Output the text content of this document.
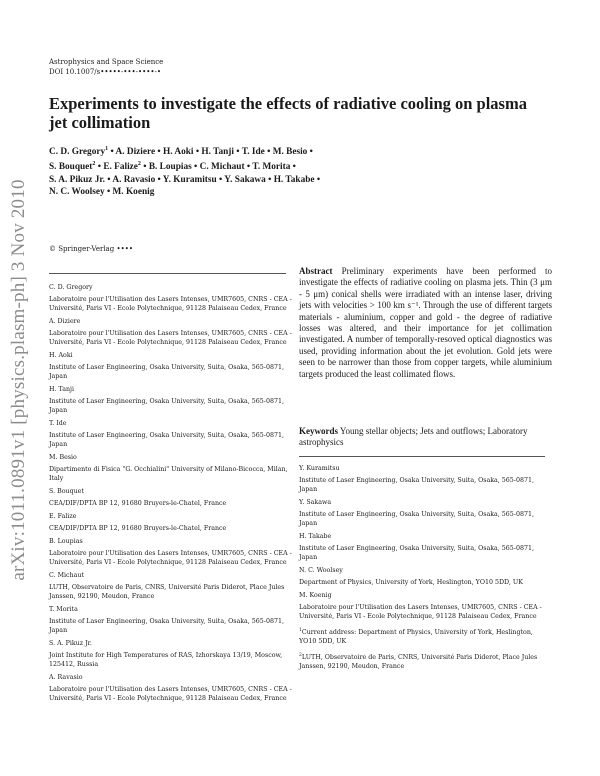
arXiv:1011.0891v1 [physics.plasm-ph] 3 Nov 2010
Astrophysics and Space Science
DOI 10.1007/s•••••-•••-••••-•
Experiments to investigate the effects of radiative cooling on plasma jet collimation
C. D. Gregory$^1$ • A. Diziere • H. Aoki • H. Tanji • T. Ide • M. Besio • S. Bouquet$^2$ • E. Falize$^2$ • B. Loupias • C. Michaut • T. Morita • S. A. Pikuz Jr. • A. Ravasio • Y. Kuramitsu • Y. Sakawa • H. Takabe • N. C. Woolsey • M. Koenig
© Springer-Verlag ••••

C. D. Gregory

Laboratoire pour l'Utilisation des Lasers Intenses, UMR7605, CNRS - CEA - Université, Paris VI - Ecole Polytechnique, 91128 Palaiseau Cedex, France

A. Diziere

Laboratoire pour l'Utilisation des Lasers Intenses, UMR7605, CNRS - CEA - Université, Paris VI - Ecole Polytechnique, 91128 Palaiseau Cedex, France

H. Aoki

Institute of Laser Engineering, Osaka University, Suita, Osaka, 565-0871, Japan

H. Tanji

Institute of Laser Engineering, Osaka University, Suita, Osaka, 565-0871, Japan

T. Ide

Institute of Laser Engineering, Osaka University, Suita, Osaka, 565-0871, Japan

M. Besio

Dipartimento di Fisica "G. Occhialini" University of Milano-Bicocca, Milan, Italy

S. Bouquet

CEA/DIF/DPTA BP 12, 91680 Bruyers-le-Chatel, France

E. Falize

CEA/DIF/DPTA BP 12, 91680 Bruyers-le-Chatel, France

B. Loupias

Laboratoire pour l'Utilisation des Lasers Intenses, UMR7605, CNRS - CEA - Université, Paris VI - Ecole Polytechnique, 91128 Palaiseau Cedex, France

C. Michaut

LUTH, Observatoire de Paris, CNRS, Université Paris Diderot, Place Jules Janssen, 92190, Meudon, France

T. Morita

Institute of Laser Engineering, Osaka University, Suita, Osaka, 565-0871, Japan

S. A. Pikuz Jr.

Joint Institute for High Temperatures of RAS, Izhorskaya 13/19, Moscow, 125412, Russia

A. Ravasio

Laboratoire pour l'Utilisation des Lasers Intenses, UMR7605, CNRS - CEA - Université, Paris VI - Ecole Polytechnique, 91128 Palaiseau Cedex, France

Abstract Preliminary experiments have been performed to investigate the effects of radiative cooling on plasma jets. Thin (3 μm - 5 μm) conical shells were irradiated with an intense laser, driving jets with velocities > 100 km s⁻¹. Through the use of different targets materials - aluminium, copper and gold - the degree of radiative losses was altered, and their importance for jet collimation investigated. A number of temporally-resoved optical diagnostics was used, providing information about the jet evolution. Gold jets were seen to be narrower than those from copper targets, while aluminium targets produced the least collimated flows.

Keywords Young stellar objects; Jets and outflows; Laboratory astrophysics

Y. Kuramitsu

Institute of Laser Engineering, Osaka University, Suita, Osaka, 565-0871, Japan

Y. Sakawa

Institute of Laser Engineering, Osaka University, Suita, Osaka, 565-0871, Japan

H. Takabe

Institute of Laser Engineering, Osaka University, Suita, Osaka, 565-0871, Japan

N. C. Woolsey

Department of Physics, University of York, Heslington, YO10 5DD, UK

M. Koenig

Laboratoire pour l'Utilisation des Lasers Intenses, UMR7605, CNRS - CEA - Université, Paris VI - Ecole Polytechnique, 91128 Palaiseau Cedex, France

$^1$Current address: Department of Physics, University of York, Heslington, YO10 5DD, UK

$^2$LUTH, Observatoire de Paris, CNRS, Université Paris Diderot, Place Jules Janssen, 92190, Meudon, France
